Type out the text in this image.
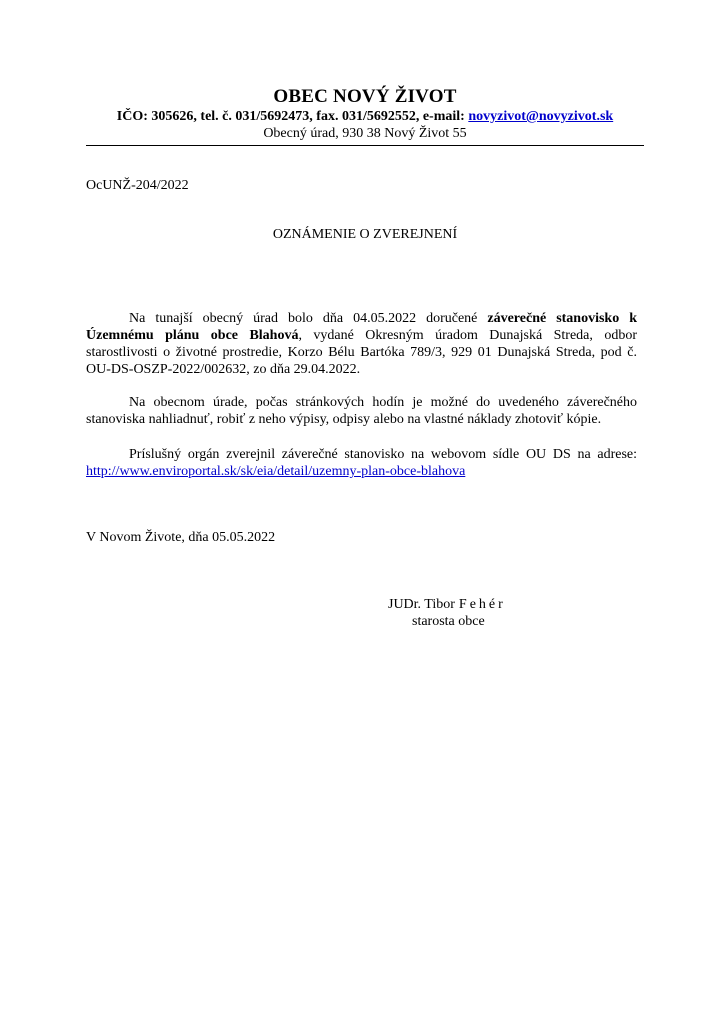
OBEC NOVÝ ŽIVOT
IČO: 305626, tel. č. 031/5692473, fax. 031/5692552, e-mail: novyzivot@novyzivot.sk
Obecný úrad, 930 38 Nový Život 55
OcUNŽ-204/2022
OZNÁMENIE O ZVEREJNENÍ

Na tunajší obecný úrad bolo dňa 04.05.2022 doručené záverečné stanovisko k Územnému plánu obce Blahová, vydané Okresným úradom Dunajská Streda, odbor starostlivosti o životné prostredie, Korzo Bélu Bartóka 789/3, 929 01 Dunajská Streda, pod č. OU-DS-OSZP-2022/002632, zo dňa 29.04.2022.

Na obecnom úrade, počas stránkových hodín je možné do uvedeného záverečného stanoviska nahliadnuť, robiť z neho výpisy, odpisy alebo na vlastné náklady zhotoviť kópie.

Príslušný orgán zverejnil záverečné stanovisko na webovom sídle OU DS na adrese: http://www.enviroportal.sk/sk/eia/detail/uzemny-plan-obce-blahova

V Novom Živote, dňa 05.05.2022
JUDr. Tibor Fehér
starosta obce
